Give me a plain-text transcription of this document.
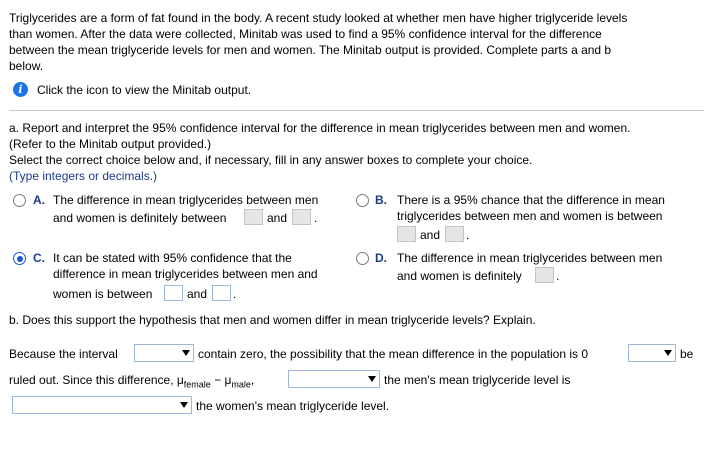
Triglycerides are a form of fat found in the body. A recent study looked at whether men have higher triglyceride levels
than women. After the data were collected, Minitab was used to find a 95% confidence interval for the difference
between the mean triglyceride levels for men and women. The Minitab output is provided. Complete parts a and b
below.
i	Click the icon to view the Minitab output.
a. Report and interpret the 95% confidence interval for the difference in mean triglycerides between men and women.
(Refer to the Minitab output provided.)
Select the correct choice below and, if necessary, fill in any answer boxes to complete your choice.
(Type integers or decimals.)
A. The difference in mean triglycerides between men
and women is definitely between	and .
B. There is a 95% chance that the difference in mean
triglycerides between men and women is between
and .
C. It can be stated with 95% confidence that the
difference in mean triglycerides between men and
women is between	and .
D. The difference in mean triglycerides between men
and women is definitely	.
b. Does this support the hypothesis that men and women differ in mean triglyceride levels? Explain.
Because the interval	contain zero, the possibility that the mean difference in the population is 0	be
ruled out. Since this difference, $\mu_{female} - \mu_{male}$,	the men's mean triglyceride level is
the women's mean triglyceride level.
